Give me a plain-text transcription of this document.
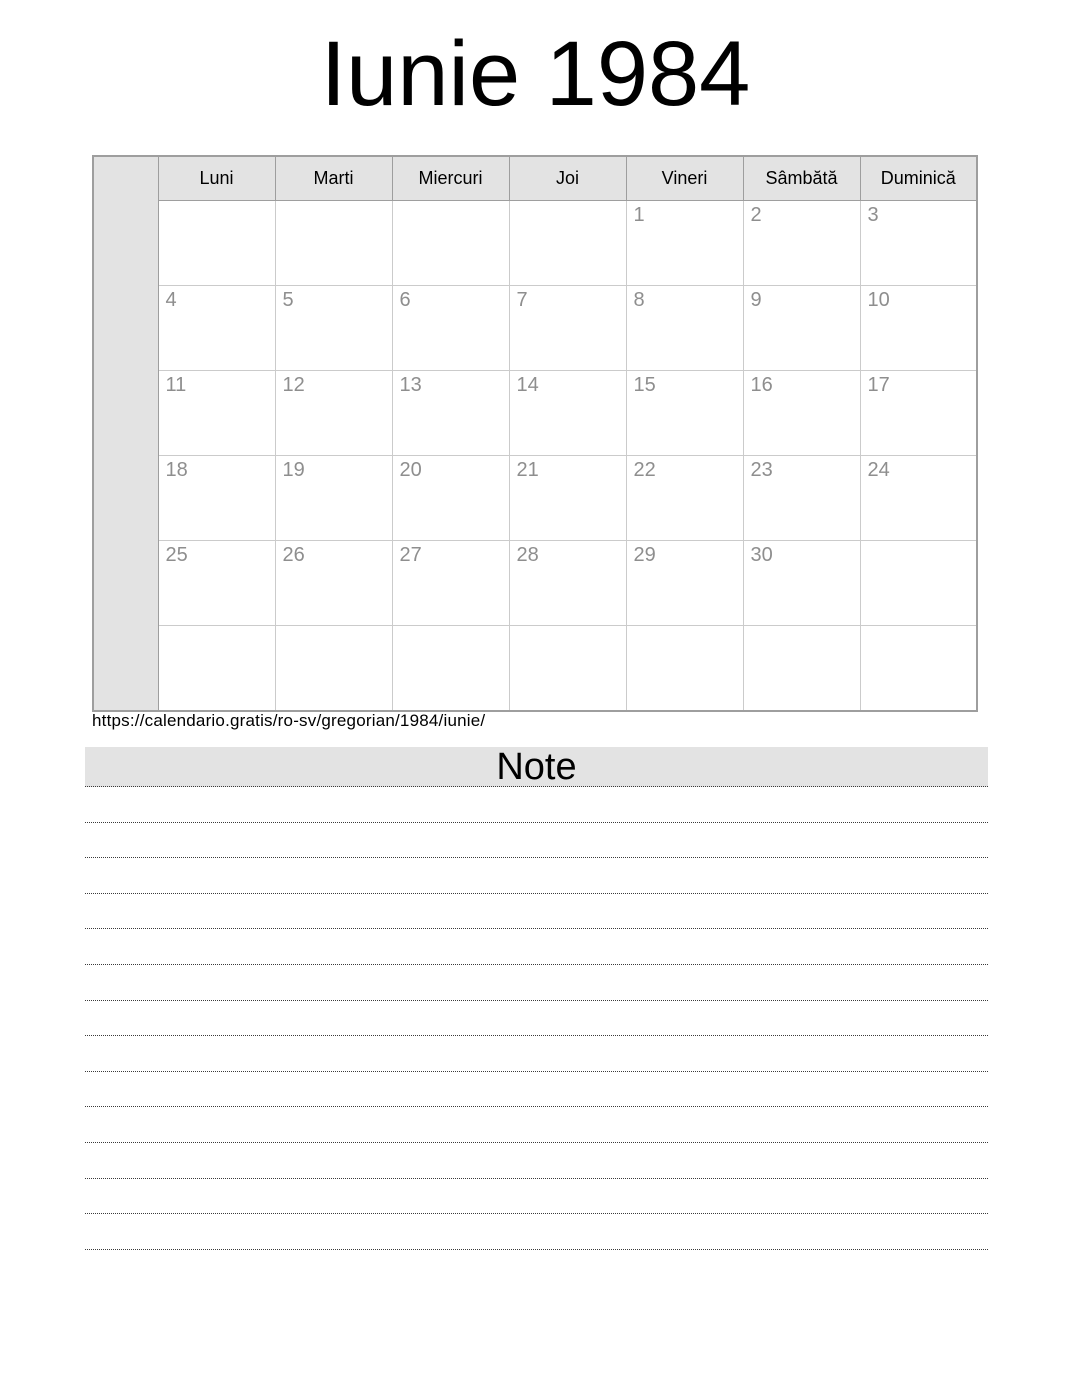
Iunie 1984
	Luni	Marti	Miercuri	Joi	Vineri	Sâmbătă	Duminică
					1	2	3
	4	5	6	7	8	9	10
	11	12	13	14	15	16	17
	18	19	20	21	22	23	24
	25	26	27	28	29	30	

https://calendario.gratis/ro-sv/gregorian/1984/iunie/
Note
